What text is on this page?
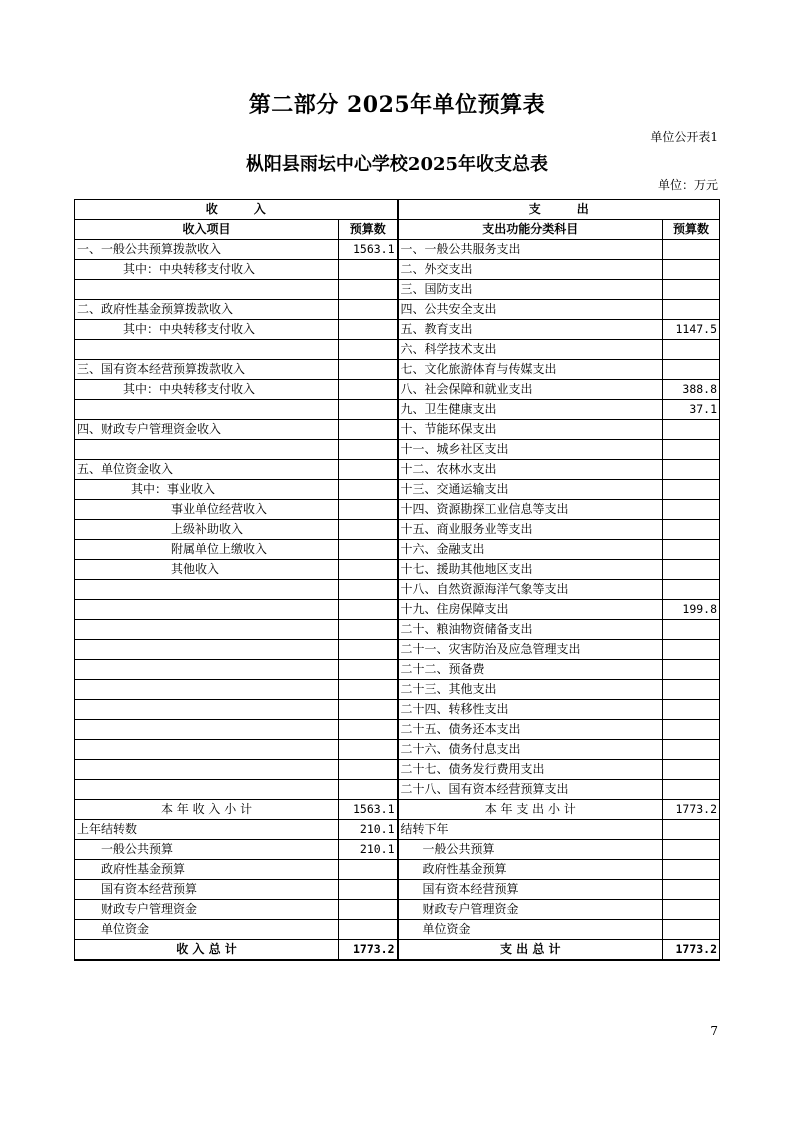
第二部分 2025年单位预算表
单位公开表1
枞阳县雨坛中心学校2025年收支总表
单位：万元
收　　　入		支　　　出	
收入项目	预算数	支出功能分类科目	预算数
一、一般公共预算拨款收入	1563.1	一、一般公共服务支出	
其中：中央转移支付收入		二、外交支出	
		三、国防支出	
二、政府性基金预算拨款收入		四、公共安全支出	
其中：中央转移支付收入		五、教育支出	1147.5
		六、科学技术支出	
三、国有资本经营预算拨款收入		七、文化旅游体育与传媒支出	
其中：中央转移支付收入		八、社会保障和就业支出	388.8
		九、卫生健康支出	37.1
四、财政专户管理资金收入		十、节能环保支出	
		十一、城乡社区支出	
五、单位资金收入		十二、农林水支出	
其中：事业收入		十三、交通运输支出	
事业单位经营收入		十四、资源勘探工业信息等支出	
上级补助收入		十五、商业服务业等支出	
附属单位上缴收入		十六、金融支出	
其他收入		十七、援助其他地区支出	
		十八、自然资源海洋气象等支出	
		十九、住房保障支出	199.8
		二十、粮油物资储备支出	
		二十一、灾害防治及应急管理支出	
		二十二、预备费	
		二十三、其他支出	
		二十四、转移性支出	
		二十五、债务还本支出	
		二十六、债务付息支出	
		二十七、债务发行费用支出	
		二十八、国有资本经营预算支出	
本 年 收 入 小 计	1563.1	本 年 支 出 小 计	1773.2
上年结转数	210.1	结转下年	
一般公共预算	210.1	一般公共预算	
政府性基金预算		政府性基金预算	
国有资本经营预算		国有资本经营预算	
财政专户管理资金		财政专户管理资金	
单位资金		单位资金	
收 入 总 计	1773.2	支 出 总 计	1773.2
7
